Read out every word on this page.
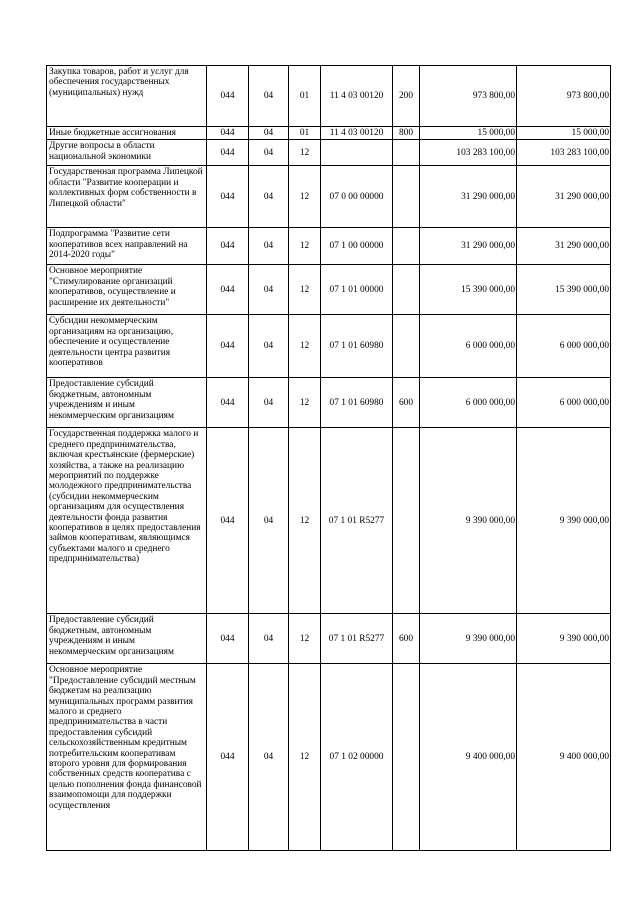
Закупка товаров, работ и услуг для обеспечения государственных (муниципальных) нужд	044	04	01	11 4 03 00120	200	973 800,00	973 800,00
Иные бюджетные ассигнования	044	04	01	11 4 03 00120	800	15 000,00	15 000,00
Другие вопросы в области национальной экономики	044	04	12			103 283 100,00	103 283 100,00
Государственная программа Липецкой области "Развитие кооперации и коллективных форм собственности в Липецкой области"	044	04	12	07 0 00 00000		31 290 000,00	31 290 000,00
Подпрограмма "Развитие сети кооперативов всех направлений на 2014-2020 годы"	044	04	12	07 1 00 00000		31 290 000,00	31 290 000,00
Основное мероприятие "Стимулирование организаций кооперативов, осуществление и расширение их деятельности"	044	04	12	07 1 01 00000		15 390 000,00	15 390 000,00
Субсидии некоммерческим организациям на организацию, обеспечение и осуществление деятельности центра развития кооперативов	044	04	12	07 1 01 60980		6 000 000,00	6 000 000,00
Предоставление субсидий бюджетным, автономным учреждениям и иным некоммерческим организациям	044	04	12	07 1 01 60980	600	6 000 000,00	6 000 000,00
Государственная поддержка малого и среднего предпринимательства, включая крестьянские (фермерские) хозяйства, а также на реализацию мероприятий по поддержке молодежного предпринимательства (субсидии некоммерческим организациям для осуществления деятельности фонда развития кооперативов в целях предоставления займов кооперативам, являющимся субъектами малого и среднего предпринимательства)	044	04	12	07 1 01 R5277		9 390 000,00	9 390 000,00
Предоставление субсидий бюджетным, автономным учреждениям и иным некоммерческим организациям	044	04	12	07 1 01 R5277	600	9 390 000,00	9 390 000,00
Основное мероприятие "Предоставление субсидий местным бюджетам на реализацию муниципальных программ развития малого и среднего предпринимательства в части предоставления субсидий сельскохозяйственным кредитным потребительским кооперативам второго уровня для формирования собственных средств кооператива с целью пополнения фонда финансовой взаимопомощи для поддержки осуществления	044	04	12	07 1 02 00000		9 400 000,00	9 400 000,00
